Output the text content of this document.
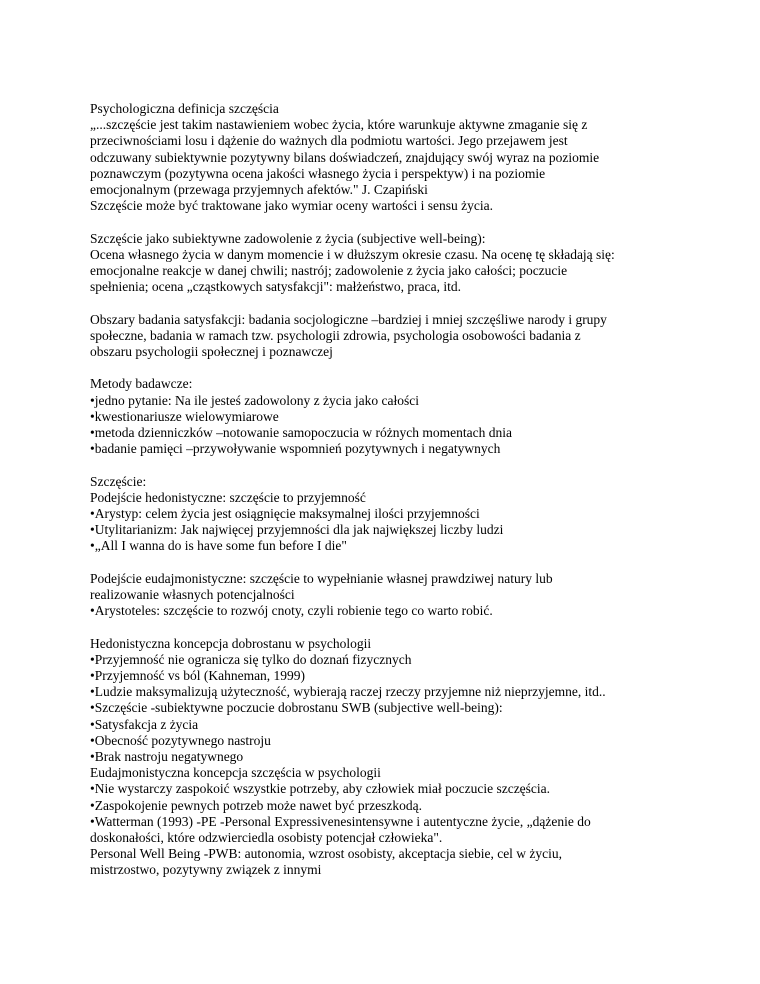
Psychologiczna definicja szczęścia
„...szczęście jest takim nastawieniem wobec życia, które warunkuje aktywne zmaganie się z
przeciwnościami losu i dążenie do ważnych dla podmiotu wartości. Jego przejawem jest
odczuwany subiektywnie pozytywny bilans doświadczeń, znajdujący swój wyraz na poziomie
poznawczym (pozytywna ocena jakości własnego życia i perspektyw) i na poziomie
emocjonalnym (przewaga przyjemnych afektów." J. Czapiński
Szczęście może być traktowane jako wymiar oceny wartości i sensu życia.
Szczęście jako subiektywne zadowolenie z życia (subjective well-being):
Ocena własnego życia w danym momencie i w dłuższym okresie czasu. Na ocenę tę składają się:
emocjonalne reakcje w danej chwili; nastrój; zadowolenie z życia jako całości; poczucie
spełnienia; ocena „cząstkowych satysfakcji": małżeństwo, praca, itd.
Obszary badania satysfakcji: badania socjologiczne –bardziej i mniej szczęśliwe narody i grupy
społeczne, badania w ramach tzw. psychologii zdrowia, psychologia osobowości badania z
obszaru psychologii społecznej i poznawczej
Metody badawcze:
•jedno pytanie: Na ile jesteś zadowolony z życia jako całości
•kwestionariusze wielowymiarowe
•metoda dzienniczków –notowanie samopoczucia w różnych momentach dnia
•badanie pamięci –przywoływanie wspomnień pozytywnych i negatywnych
Szczęście:
Podejście hedonistyczne: szczęście to przyjemność
•Arystyp: celem życia jest osiągnięcie maksymalnej ilości przyjemności
•Utylitarianizm: Jak najwięcej przyjemności dla jak największej liczby ludzi
•„All I wanna do is have some fun before I die"
Podejście eudajmonistyczne: szczęście to wypełnianie własnej prawdziwej natury lub
realizowanie własnych potencjalności
•Arystoteles: szczęście to rozwój cnoty, czyli robienie tego co warto robić.
Hedonistyczna koncepcja dobrostanu w psychologii
•Przyjemność nie ogranicza się tylko do doznań fizycznych
•Przyjemność vs ból (Kahneman, 1999)
•Ludzie maksymalizują użyteczność, wybierają raczej rzeczy przyjemne niż nieprzyjemne, itd..
•Szczęście -subiektywne poczucie dobrostanu SWB (subjective well-being):
•Satysfakcja z życia
•Obecność pozytywnego nastroju
•Brak nastroju negatywnego
Eudajmonistyczna koncepcja szczęścia w psychologii
•Nie wystarczy zaspokoić wszystkie potrzeby, aby człowiek miał poczucie szczęścia.
•Zaspokojenie pewnych potrzeb może nawet być przeszkodą.
•Watterman (1993) -PE -Personal Expressivenesintensywne i autentyczne życie, „dążenie do
doskonałości, które odzwierciedla osobisty potencjał człowieka".
Personal Well Being -PWB: autonomia, wzrost osobisty, akceptacja siebie, cel w życiu,
mistrzostwo, pozytywny związek z innymi
